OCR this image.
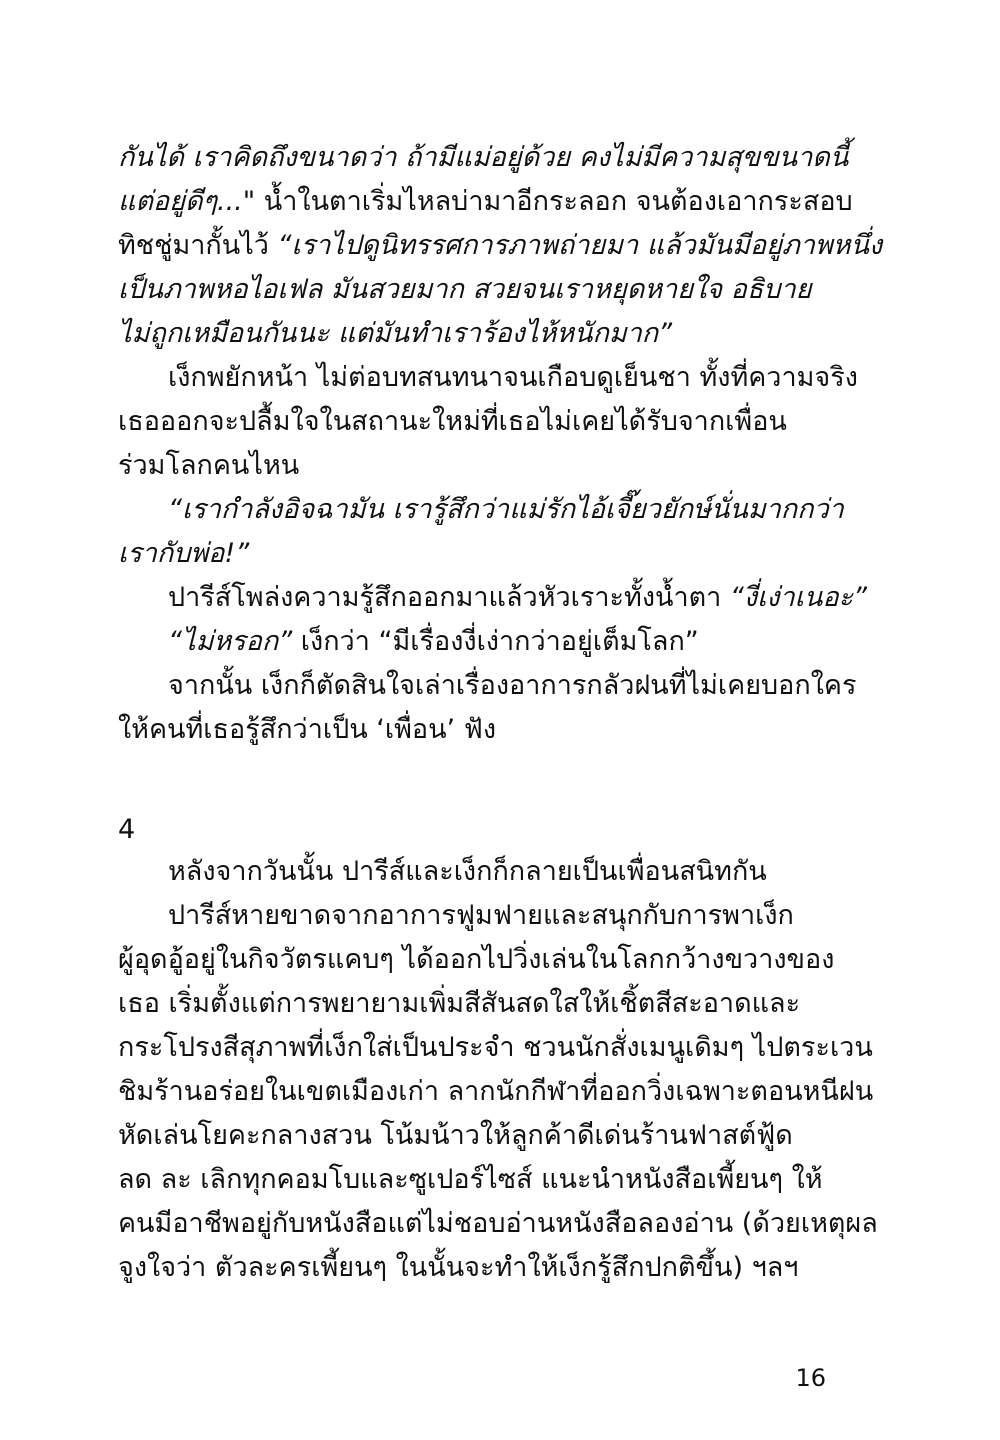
กันได้ เราคิดถึงขนาดว่า ถ้ามีแม่อยู่ด้วย คงไม่มีความสุขขนาดนี้
แต่อยู่ดีๆ..." น้ำในตาเริ่มไหลบ่ามาอีกระลอก จนต้องเอากระสอบ
ทิชชู่มากั้นไว้ “เราไปดูนิทรรศการภาพถ่ายมา แล้วมันมีอยู่ภาพหนึ่ง
เป็นภาพหอไอเฟล มันสวยมาก สวยจนเราหยุดหายใจ อธิบาย
ไม่ถูกเหมือนกันนะ แต่มันทำเราร้องไห้หนักมาก”
เง็กพยักหน้า ไม่ต่อบทสนทนาจนเกือบดูเย็นชา ทั้งที่ความจริง
เธอออกจะปลื้มใจในสถานะใหม่ที่เธอไม่เคยได้รับจากเพื่อน
ร่วมโลกคนไหน
“เรากำลังอิจฉามัน เรารู้สึกว่าแม่รักไอ้เจี๊ยวยักษ์นั่นมากกว่า
เรากับพ่อ!”
ปารีส์โพล่งความรู้สึกออกมาแล้วหัวเราะทั้งน้ำตา “งี่เง่าเนอะ”
“ไม่หรอก” เง็กว่า “มีเรื่องงี่เง่ากว่าอยู่เต็มโลก”
จากนั้น เง็กก็ตัดสินใจเล่าเรื่องอาการกลัวฝนที่ไม่เคยบอกใคร
ให้คนที่เธอรู้สึกว่าเป็น ‘เพื่อน’ ฟัง
4
หลังจากวันนั้น ปารีส์และเง็กก็กลายเป็นเพื่อนสนิทกัน
ปารีส์หายขาดจากอาการฟูมฟายและสนุกกับการพาเง็ก
ผู้อุดอู้อยู่ในกิจวัตรแคบๆ ได้ออกไปวิ่งเล่นในโลกกว้างขวางของ
เธอ เริ่มตั้งแต่การพยายามเพิ่มสีสันสดใสให้เชิ้ตสีสะอาดและ
กระโปรงสีสุภาพที่เง็กใส่เป็นประจำ ชวนนักสั่งเมนูเดิมๆ ไปตระเวน
ชิมร้านอร่อยในเขตเมืองเก่า ลากนักกีฬาที่ออกวิ่งเฉพาะตอนหนีฝน
หัดเล่นโยคะกลางสวน โน้มน้าวให้ลูกค้าดีเด่นร้านฟาสต์ฟู้ด
ลด ละ เลิกทุกคอมโบและซูเปอร์ไซส์ แนะนำหนังสือเพี้ยนๆ ให้
คนมีอาชีพอยู่กับหนังสือแต่ไม่ชอบอ่านหนังสือลองอ่าน (ด้วยเหตุผล
จูงใจว่า ตัวละครเพี้ยนๆ ในนั้นจะทำให้เง็กรู้สึกปกติขึ้น) ฯลฯ
16
